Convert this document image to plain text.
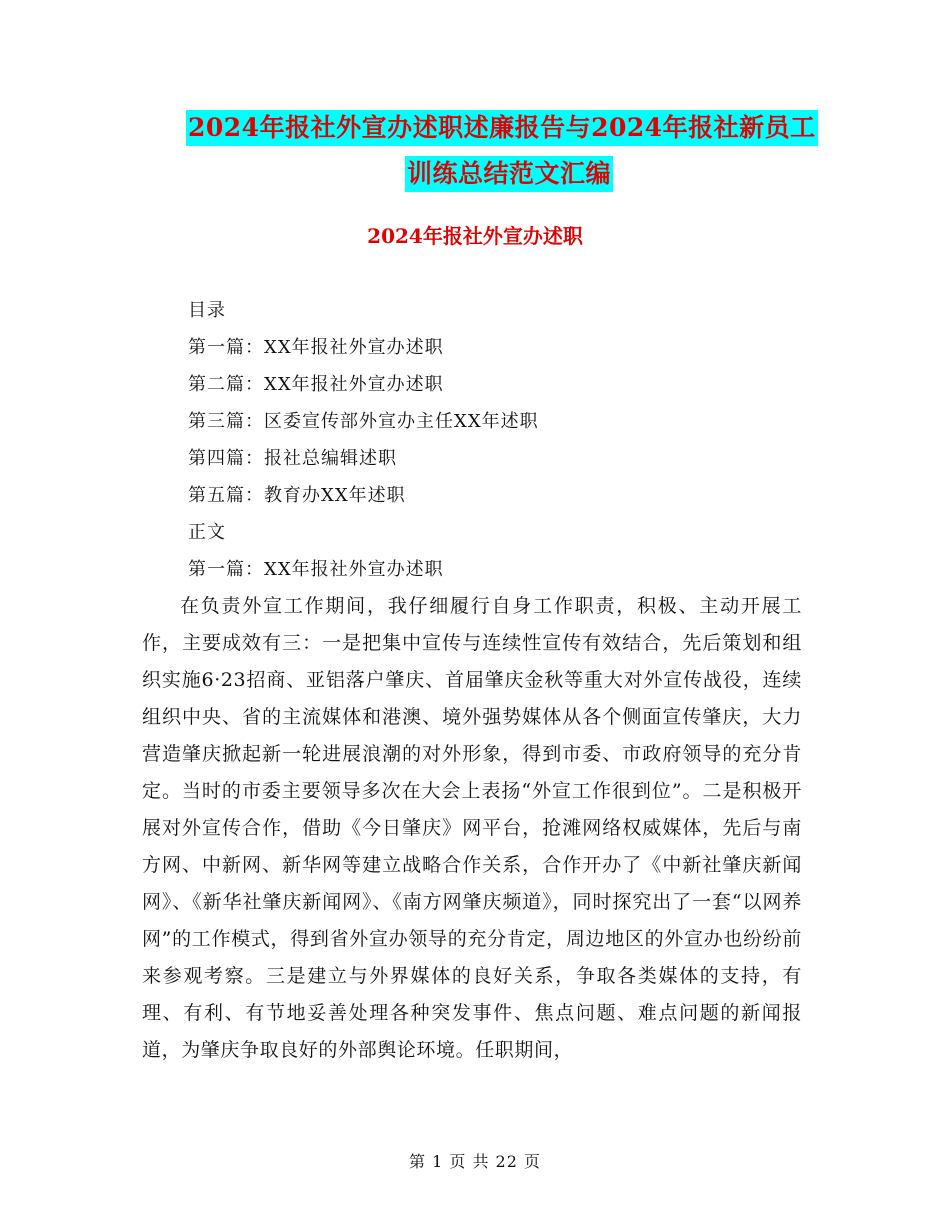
2024年报社外宣办述职述廉报告与2024年报社新员工
训练总结范文汇编
2024年报社外宣办述职
目录
第一篇：XX年报社外宣办述职
第二篇：XX年报社外宣办述职
第三篇：区委宣传部外宣办主任XX年述职
第四篇：报社总编辑述职
第五篇：教育办XX年述职
正文
第一篇：XX年报社外宣办述职

在负责外宣工作期间，我仔细履行自身工作职责，积极、主动开展工作，主要成效有三：一是把集中宣传与连续性宣传有效结合，先后策划和组织实施6·23招商、亚铝落户肇庆、首届肇庆金秋等重大对外宣传战役，连续组织中央、省的主流媒体和港澳、境外强势媒体从各个侧面宣传肇庆，大力营造肇庆掀起新一轮进展浪潮的对外形象，得到市委、市政府领导的充分肯定。当时的市委主要领导多次在大会上表扬“外宣工作很到位”。二是积极开展对外宣传合作，借助《今日肇庆》网平台，抢滩网络权威媒体，先后与南方网、中新网、新华网等建立战略合作关系，合作开办了《中新社肇庆新闻网》、《新华社肇庆新闻网》、《南方网肇庆频道》，同时探究出了一套“以网养网”的工作模式，得到省外宣办领导的充分肯定，周边地区的外宣办也纷纷前来参观考察。三是建立与外界媒体的良好关系，争取各类媒体的支持，有理、有利、有节地妥善处理各种突发事件、焦点问题、难点问题的新闻报道，为肇庆争取良好的外部舆论环境。任职期间，

第 1 页 共 22 页
